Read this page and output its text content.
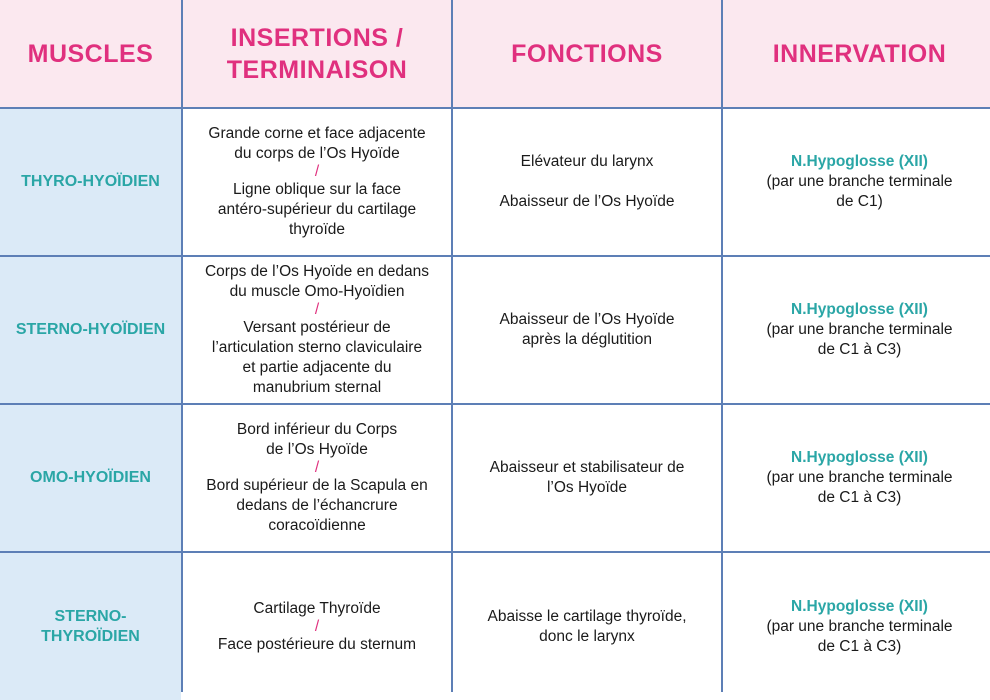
MUSCLES
INSERTIONS /
TERMINAISON
FONCTIONS	INNERVATION
THYRO-HYOÏDIEN
Grande corne et face adjacente
du corps de l’Os Hyoïde
/
Ligne oblique sur la face
antéro-supérieur du cartilage
thyroïde
Elévateur du larynx
Abaisseur de l’Os Hyoïde
N.Hypoglosse (XII)
(par une branche terminale
de C1)
STERNO-HYOÏDIEN
Corps de l’Os Hyoïde en dedans
du muscle Omo-Hyoïdien
/
Versant postérieur de
l’articulation sterno claviculaire
et partie adjacente du
manubrium sternal
Abaisseur de l’Os Hyoïde
après la déglutition
N.Hypoglosse (XII)
(par une branche terminale
de C1 à C3)
OMO-HYOÏDIEN
Bord inférieur du Corps
de l’Os Hyoïde
/
Bord supérieur de la Scapula en
dedans de l’échancrure
coracoïdienne
Abaisseur et stabilisateur de
l’Os Hyoïde
N.Hypoglosse (XII)
(par une branche terminale
de C1 à C3)
STERNO-THYROÏDIEN
Cartilage Thyroïde
/
Face postérieure du sternum
Abaisse le cartilage thyroïde,
donc le larynx
N.Hypoglosse (XII)
(par une branche terminale
de C1 à C3)
